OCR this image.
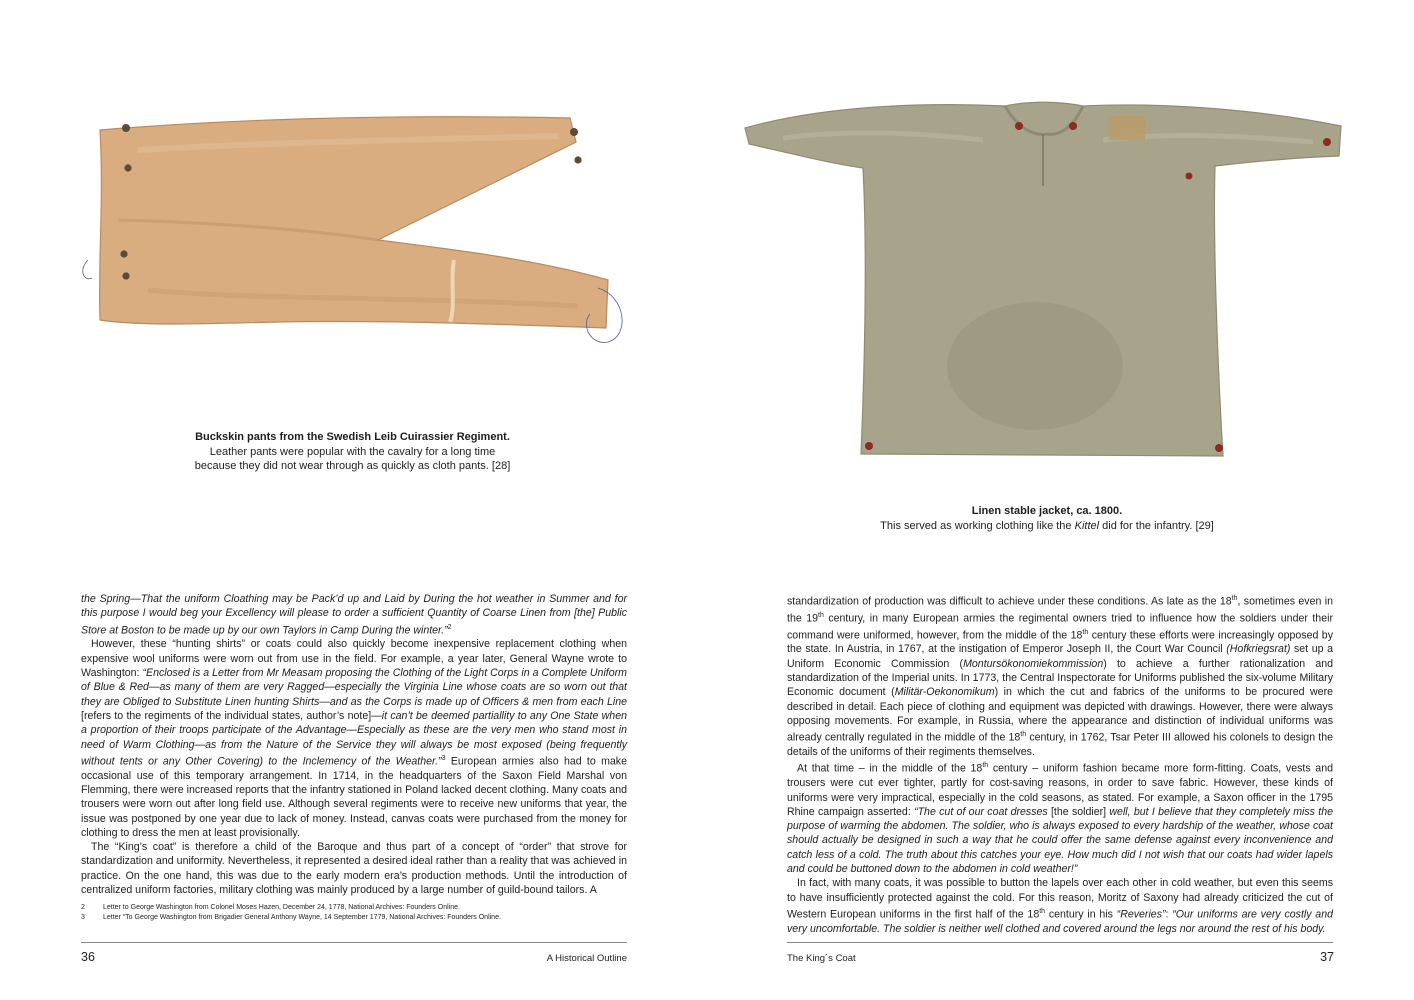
Buckskin pants from the Swedish Leib Cuirassier Regiment.
Leather pants were popular with the cavalry for a long time
because they did not wear through as quickly as cloth pants. [28]

the Spring—That the uniform Cloathing may be Pack’d up and Laid by During the hot weather in Summer and for this purpose I would beg your Excellency will please to order a sufficient Quantity of Coarse Linen from [the] Public Store at Boston to be made up by our own Taylors in Camp During the winter.”$^2$

However, these “hunting shirts” or coats could also quickly become inexpensive replacement clothing when expensive wool uniforms were worn out from use in the field. For example, a year later, General Wayne wrote to Washington: “Enclosed is a Letter from Mr Measam proposing the Clothing of the Light Corps in a Complete Uniform of Blue & Red—as many of them are very Ragged—especially the Virginia Line whose coats are so worn out that they are Obliged to Substitute Linen hunting Shirts—and as the Corps is made up of Officers & men from each Line [refers to the regiments of the individual states, author’s note]—it can’t be deemed partiallity to any One State when a proportion of their troops participate of the Advantage—Especially as these are the very men who stand most in need of Warm Clothing—as from the Nature of the Service they will always be most exposed (being frequently without tents or any Other Covering) to the Inclemency of the Weather.”$^3$ European armies also had to make occasional use of this temporary arrangement. In 1714, in the headquarters of the Saxon Field Marshal von Flemming, there were increased reports that the infantry stationed in Poland lacked decent clothing. Many coats and trousers were worn out after long field use. Although several regiments were to receive new uniforms that year, the issue was postponed by one year due to lack of money. Instead, canvas coats were purchased from the money for clothing to dress the men at least provisionally.

The “King’s coat” is therefore a child of the Baroque and thus part of a concept of “order” that strove for standardization and uniformity. Nevertheless, it represented a desired ideal rather than a reality that was achieved in practice. On the one hand, this was due to the early modern era’s production methods. Until the introduction of centralized uniform factories, military clothing was mainly produced by a large number of guild-bound tailors. A

2	Letter to George Washington from Colonel Moses Hazen, December 24, 1778, National Archives: Founders Online.
3	Letter “To George Washington from Brigadier General Anthony Wayne, 14 September 1779, National Archives: Founders Online.
36	A Historical Outline
Linen stable jacket, ca. 1800.
This served as working clothing like the Kittel did for the infantry. [29]

standardization of production was difficult to achieve under these conditions. As late as the 18th, sometimes even in the 19th century, in many European armies the regimental owners tried to influence how the soldiers under their command were uniformed, however, from the middle of the 18th century these efforts were increasingly opposed by the state. In Austria, in 1767, at the instigation of Emperor Joseph II, the Court War Council (Hofkriegsrat) set up a Uniform Economic Commission (Montursökonomiekommission) to achieve a further rationalization and standardization of the Imperial units. In 1773, the Central Inspectorate for Uniforms published the six-volume Military Economic document (Militär-Oekonomikum) in which the cut and fabrics of the uniforms to be procured were described in detail. Each piece of clothing and equipment was depicted with drawings. However, there were always opposing movements. For example, in Russia, where the appearance and distinction of individual uniforms was already centrally regulated in the middle of the 18th century, in 1762, Tsar Peter III allowed his colonels to design the details of the uniforms of their regiments themselves.

At that time – in the middle of the 18th century – uniform fashion became more form-fitting. Coats, vests and trousers were cut ever tighter, partly for cost-saving reasons, in order to save fabric. However, these kinds of uniforms were very impractical, especially in the cold seasons, as stated. For example, a Saxon officer in the 1795 Rhine campaign asserted: “The cut of our coat dresses [the soldier] well, but I believe that they completely miss the purpose of warming the abdomen. The soldier, who is always exposed to every hardship of the weather, whose coat should actually be designed in such a way that he could offer the same defense against every inconvenience and catch less of a cold. The truth about this catches your eye. How much did I not wish that our coats had wider lapels and could be buttoned down to the abdomen in cold weather!”

In fact, with many coats, it was possible to button the lapels over each other in cold weather, but even this seems to have insufficiently protected against the cold. For this reason, Moritz of Saxony had already criticized the cut of Western European uniforms in the first half of the 18th century in his “Reveries”: “Our uniforms are very costly and very uncomfortable. The soldier is neither well clothed and covered around the legs nor around the rest of his body.

The King´s Coat	37
